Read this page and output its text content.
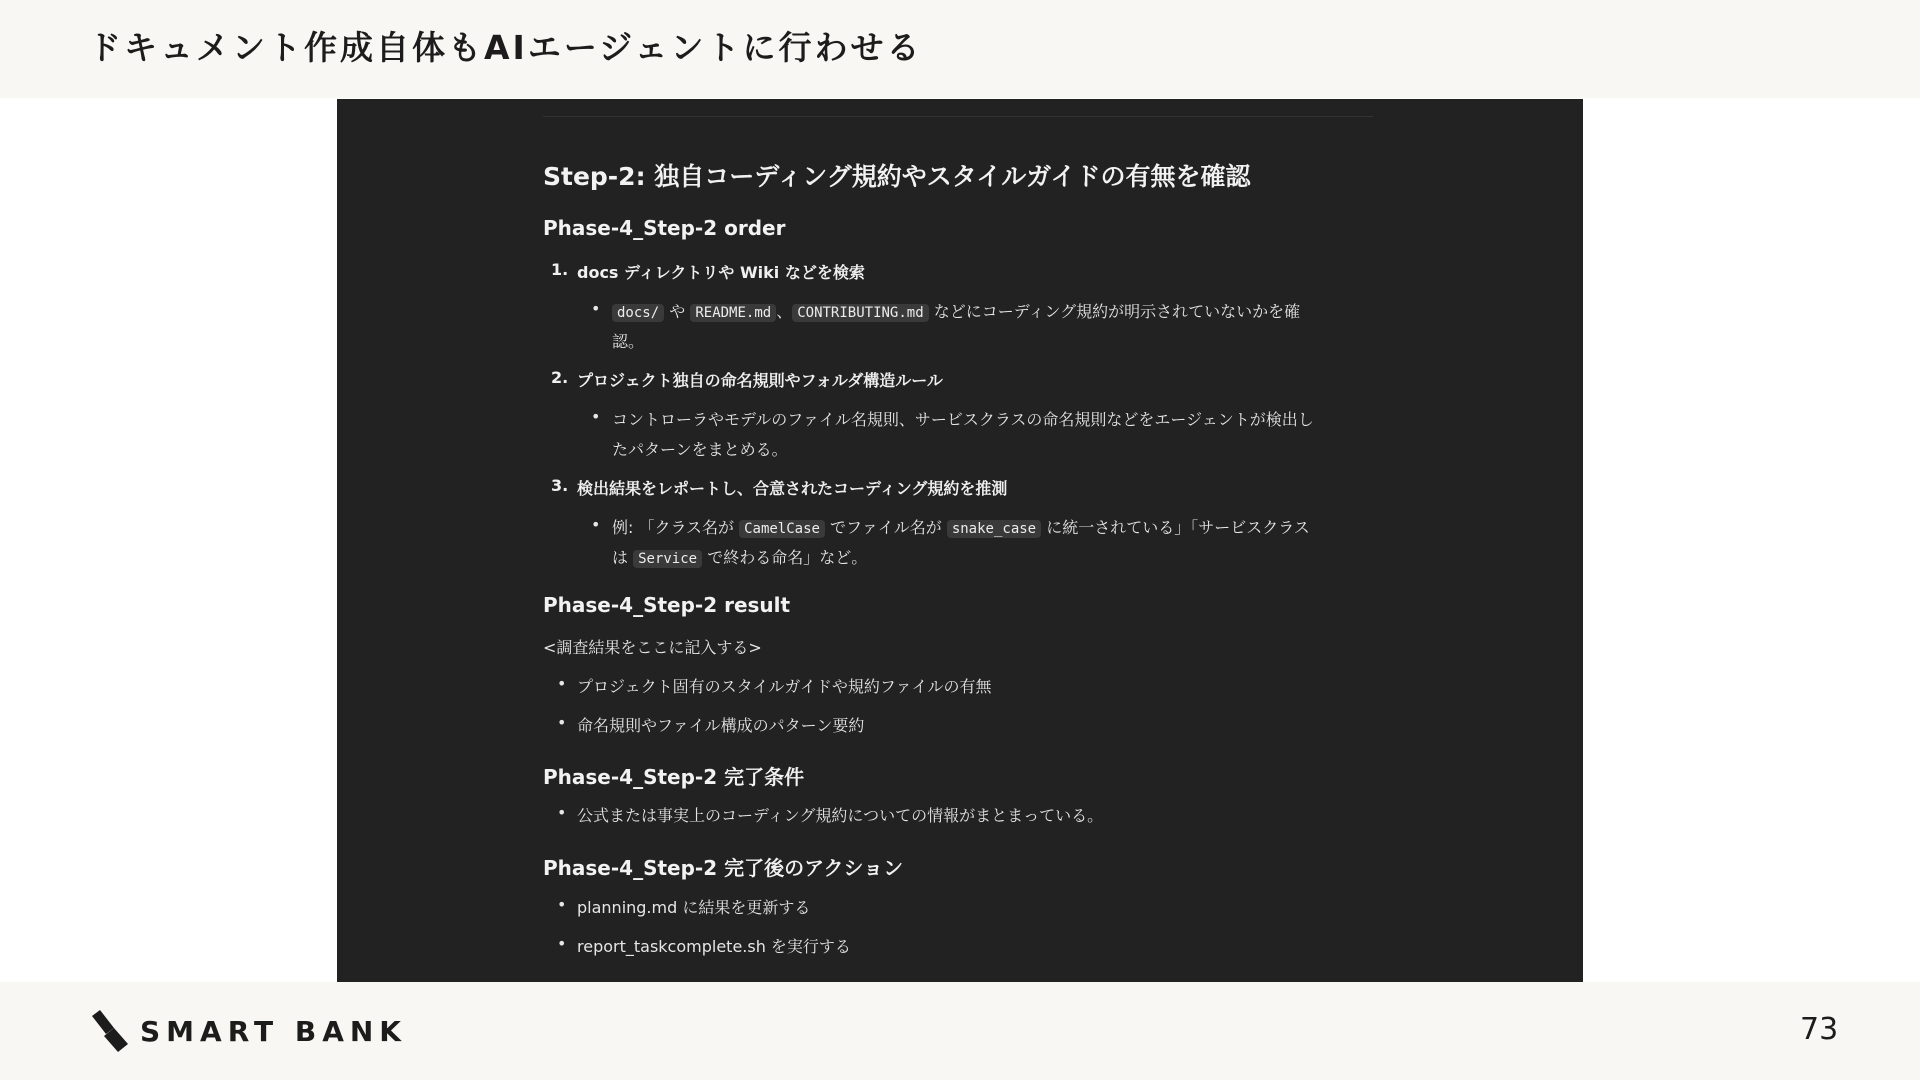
ドキュメント作成自体もAIエージェントに行わせる
Step-2: 独自コーディング規約やスタイルガイドの有無を確認
Phase-4_Step-2 order
1. docs ディレクトリや Wiki などを検索
•	docs/ や README.md 、 CONTRIBUTING.md などにコーディング規約が明示されていないかを確
認。
2. プロジェクト独自の命名規則やフォルダ構造ルール
• コントローラやモデルのファイル名規則、サービスクラスの命名規則などをエージェントが検出し
たパターンをまとめる。
3. 検出結果をレポートし、合意されたコーディング規約を推測
• 例: 「クラス名が CamelCase でファイル名が snake_case に統一されている」「サービスクラス
は Service で終わる命名」など。
Phase-4_Step-2 result
<調査結果をここに記入する>
• プロジェクト固有のスタイルガイドや規約ファイルの有無
• 命名規則やファイル構成のパターン要約
Phase-4_Step-2 完了条件
• 公式または事実上のコーディング規約についての情報がまとまっている。
Phase-4_Step-2 完了後のアクション
• planning.md に結果を更新する
• report_taskcomplete.sh を実行する
SMART BANK	73
